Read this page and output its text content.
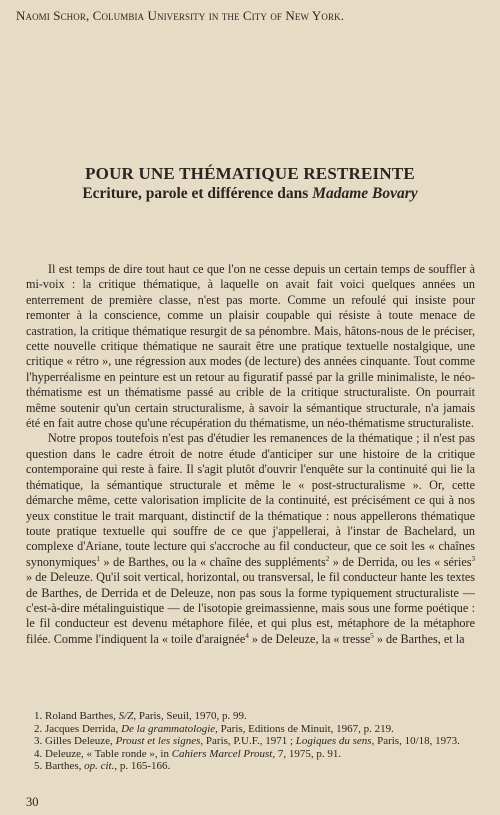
Naomi Schor, Columbia University in the City of New York.
POUR UNE THÉMATIQUE RESTREINTE
Ecriture, parole et différence dans Madame Bovary

Il est temps de dire tout haut ce que l'on ne cesse depuis un certain temps de souffler à mi-voix : la critique thématique, à laquelle on avait fait voici quelques années un enterrement de première classe, n'est pas morte. Comme un refoulé qui insiste pour remonter à la conscience, comme un plaisir coupable qui résiste à toute menace de castration, la critique thématique resurgit de sa pénombre. Mais, hâtons-nous de le préciser, cette nouvelle critique thématique ne saurait être une pratique textuelle nostalgique, une critique « rétro », une régression aux modes (de lecture) des années cinquante. Tout comme l'hyperréalisme en peinture est un retour au figuratif passé par la grille minimaliste, le néo-thématisme est un thématisme passé au crible de la critique structuraliste. On pourrait même soutenir qu'un certain structuralisme, à savoir la sémantique structurale, n'a jamais été en fait autre chose qu'une récupération du thématisme, un néo-thématisme structuraliste.

Notre propos toutefois n'est pas d'étudier les remanences de la thématique ; il n'est pas question dans le cadre étroit de notre étude d'anticiper sur une histoire de la critique contemporaine qui reste à faire. Il s'agit plutôt d'ouvrir l'enquête sur la continuité qui lie la thématique, la sémantique structurale et même le « post-structuralisme ». Or, cette démarche même, cette valorisation implicite de la continuité, est précisément ce qui à nos yeux constitue le trait marquant, distinctif de la thématique : nous appellerons thématique toute pratique textuelle qui souffre de ce que j'appellerai, à l'instar de Bachelard, un complexe d'Ariane, toute lecture qui s'accroche au fil conducteur, que ce soit les « chaînes synonymiques$^1$ » de Barthes, ou la « chaîne des suppléments$^2$ » de Derrida, ou les « séries$^3$ » de Deleuze. Qu'il soit vertical, horizontal, ou transversal, le fil conducteur hante les textes de Barthes, de Derrida et de Deleuze, non pas sous la forme typiquement structuraliste — c'est-à-dire métalinguistique — de l'isotopie greimassienne, mais sous une forme poétique : le fil conducteur est devenu métaphore filée, et qui plus est, métaphore de la métaphore filée. Comme l'indiquent la « toile d'araignée$^4$ » de Deleuze, la « tresse$^5$ » de Barthes, et la

1. Roland Barthes, S/Z, Paris, Seuil, 1970, p. 99.
2. Jacques Derrida, De la grammatologie, Paris, Editions de Minuit, 1967, p. 219.
3. Gilles Deleuze, Proust et les signes, Paris, P.U.F., 1971 ; Logiques du sens, Paris, 10/18, 1973.
4. Deleuze, « Table ronde », in Cahiers Marcel Proust, 7, 1975, p. 91.
5. Barthes, op. cit., p. 165-166.
30
